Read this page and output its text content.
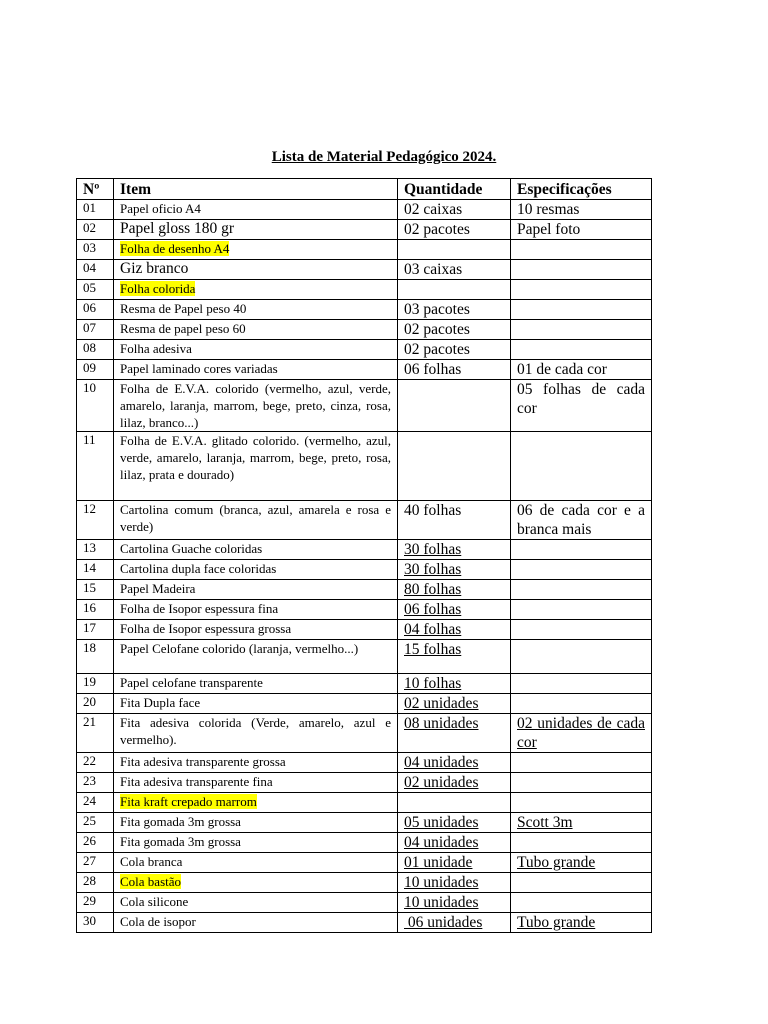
Lista de Material Pedagógico 2024.
Nº	Item	Quantidade	Especificações
01	Papel oficio A4	02 caixas	10 resmas
02	Papel gloss 180 gr	02 pacotes	Papel foto
03	Folha de desenho A4		
04	Giz branco	03 caixas	
05	Folha colorida		
06	Resma de Papel peso 40	03 pacotes	
07	Resma de papel peso 60	02 pacotes	
08	Folha adesiva	02 pacotes	
09	Papel laminado cores variadas	06 folhas	01 de cada cor
10	Folha de E.V.A. colorido (vermelho, azul, verde, amarelo, laranja, marrom, bege, preto, cinza, rosa, lilaz, branco...)		05 folhas de cada cor
11	Folha de E.V.A. glitado colorido. (vermelho, azul, verde, amarelo, laranja, marrom, bege, preto, rosa, lilaz, prata e dourado)		
12	Cartolina comum (branca, azul, amarela e rosa e verde)	40 folhas	06 de cada cor e a branca mais
13	Cartolina Guache coloridas	30 folhas	
14	Cartolina dupla face coloridas	30 folhas	
15	Papel Madeira	80 folhas	
16	Folha de Isopor espessura fina	06 folhas	
17	Folha de Isopor espessura grossa	04 folhas	
18	Papel Celofane colorido (laranja, vermelho...)	15 folhas	
19	Papel celofane transparente	10 folhas	
20	Fita Dupla face	02 unidades	
21	Fita adesiva colorida (Verde, amarelo, azul e vermelho).	08 unidades	02 unidades de cada cor
22	Fita adesiva transparente grossa	04 unidades	
23	Fita adesiva transparente fina	02 unidades	
24	Fita kraft crepado marrom		
25	Fita gomada 3m grossa	05 unidades	Scott 3m
26	Fita gomada 3m grossa	04 unidades	
27	Cola branca	01 unidade	Tubo grande
28	Cola bastão	10 unidades	
29	Cola silicone	10 unidades	
30	Cola de isopor	06 unidades	Tubo grande
